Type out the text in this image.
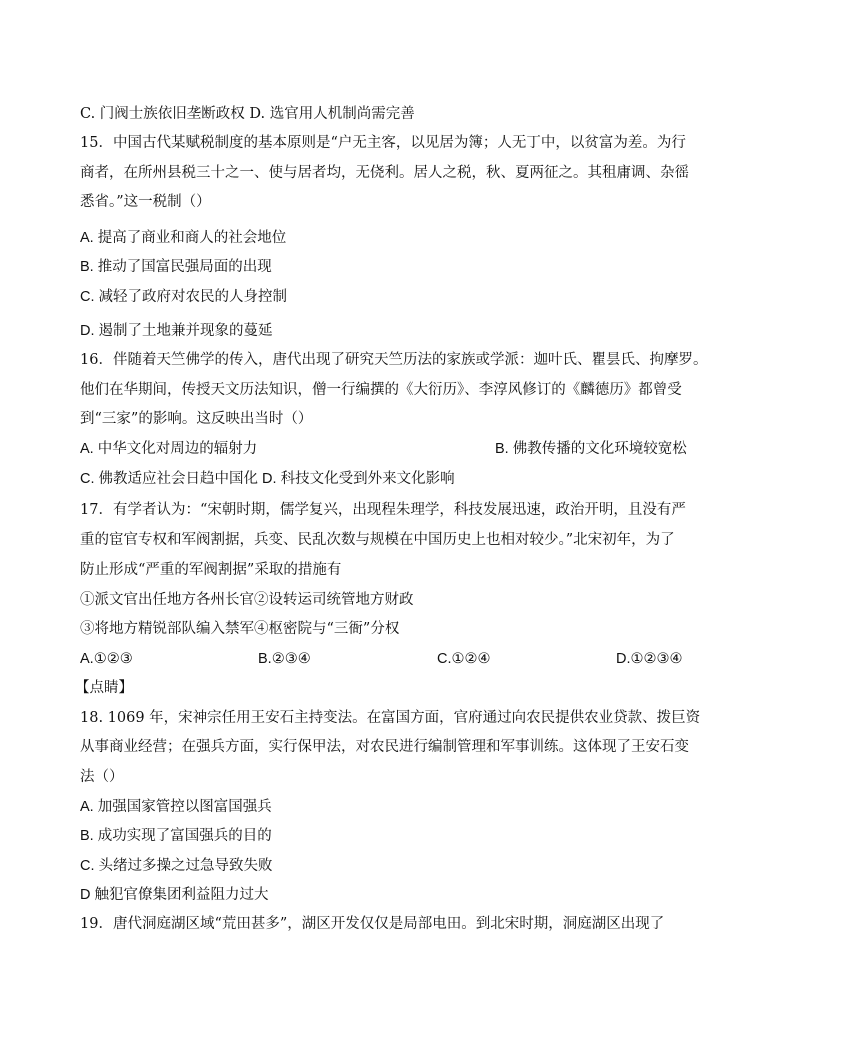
C. 门阀士族依旧垄断政权 D. 选官用人机制尚需完善
15．中国古代某赋税制度的基本原则是“户无主客，以见居为簿；人无丁中，以贫富为差。为行
商者，在所州县税三十之一、使与居者均，无侥利。居人之税，秋、夏两征之。其租庸调、杂徭
悉省。”这一税制（）
A. 提高了商业和商人的社会地位
B. 推动了国富民强局面的出现
C. 减轻了政府对农民的人身控制
D. 遏制了土地兼并现象的蔓延
16．伴随着天竺佛学的传入，唐代出现了研究天竺历法的家族或学派：迦叶氏、瞿昙氏、拘摩罗。
他们在华期间，传授天文历法知识，僧一行编撰的《大衍历》、李淳风修订的《麟德历》都曾受
到“三家”的影响。这反映出当时（）
A. 中华文化对周边的辐射力	B. 佛教传播的文化环境较宽松
C. 佛教适应社会日趋中国化 D. 科技文化受到外来文化影响
17．有学者认为：“宋朝时期，儒学复兴，出现程朱理学，科技发展迅速，政治开明，且没有严
重的宦官专权和军阀割据，兵变、民乱次数与规模在中国历史上也相对较少。”北宋初年，为了
防止形成“严重的军阀割据”采取的措施有
①派文官出任地方各州长官②设转运司统管地方财政
③将地方精锐部队编入禁军④枢密院与“三衙”分权
A.①②③	B.②③④	C.①②④	D.①②③④
【点睛】
18. 1069 年，宋神宗任用王安石主持变法。在富国方面，官府通过向农民提供农业贷款、拨巨资
从事商业经营；在强兵方面，实行保甲法，对农民进行编制管理和军事训练。这体现了王安石变
法（）
A. 加强国家管控以图富国强兵
B. 成功实现了富国强兵的目的
C. 头绪过多操之过急导致失败
D 触犯官僚集团利益阻力过大
19．唐代洞庭湖区域“荒田甚多”，湖区开发仅仅是局部电田。到北宋时期，洞庭湖区出现了
